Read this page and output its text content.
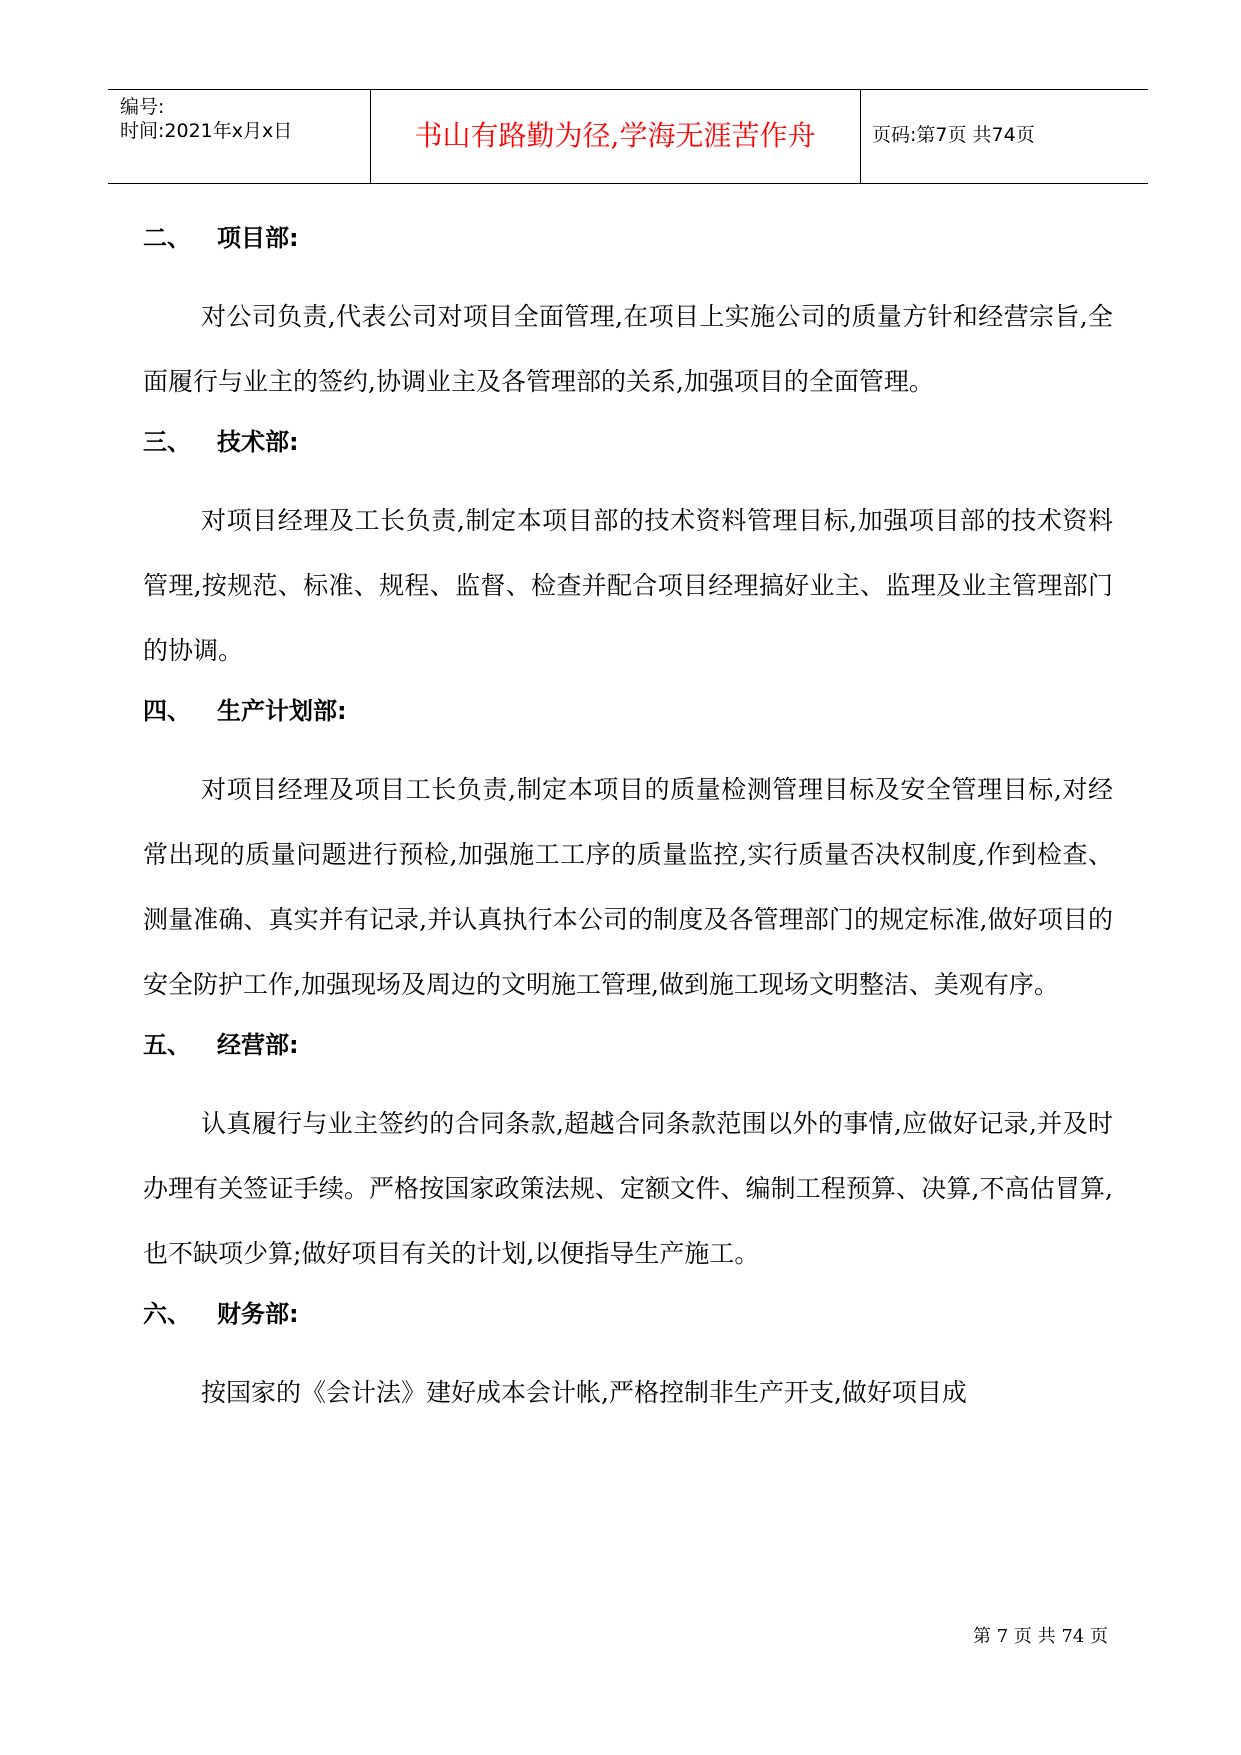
编号:
时间:2021年x月x日	书山有路勤为径,学海无涯苦作舟	页码:第7页 共74页
二、 项目部:

对公司负责,代表公司对项目全面管理,在项目上实施公司的质量方针和经营宗旨,全面履行与业主的签约,协调业主及各管理部的关系,加强项目的全面管理。

三、 技术部:

对项目经理及工长负责,制定本项目部的技术资料管理目标,加强项目部的技术资料管理,按规范、标准、规程、监督、检查并配合项目经理搞好业主、监理及业主管理部门的协调。

四、 生产计划部:

对项目经理及项目工长负责,制定本项目的质量检测管理目标及安全管理目标,对经常出现的质量问题进行预检,加强施工工序的质量监控,实行质量否决权制度,作到检查、测量准确、真实并有记录,并认真执行本公司的制度及各管理部门的规定标准,做好项目的安全防护工作,加强现场及周边的文明施工管理,做到施工现场文明整洁、美观有序。

五、 经营部:

认真履行与业主签约的合同条款,超越合同条款范围以外的事情,应做好记录,并及时办理有关签证手续。严格按国家政策法规、定额文件、编制工程预算、决算,不高估冒算,也不缺项少算;做好项目有关的计划,以便指导生产施工。

六、 财务部:

按国家的《会计法》建好成本会计帐,严格控制非生产开支,做好项目成

第 7 页 共 74 页
